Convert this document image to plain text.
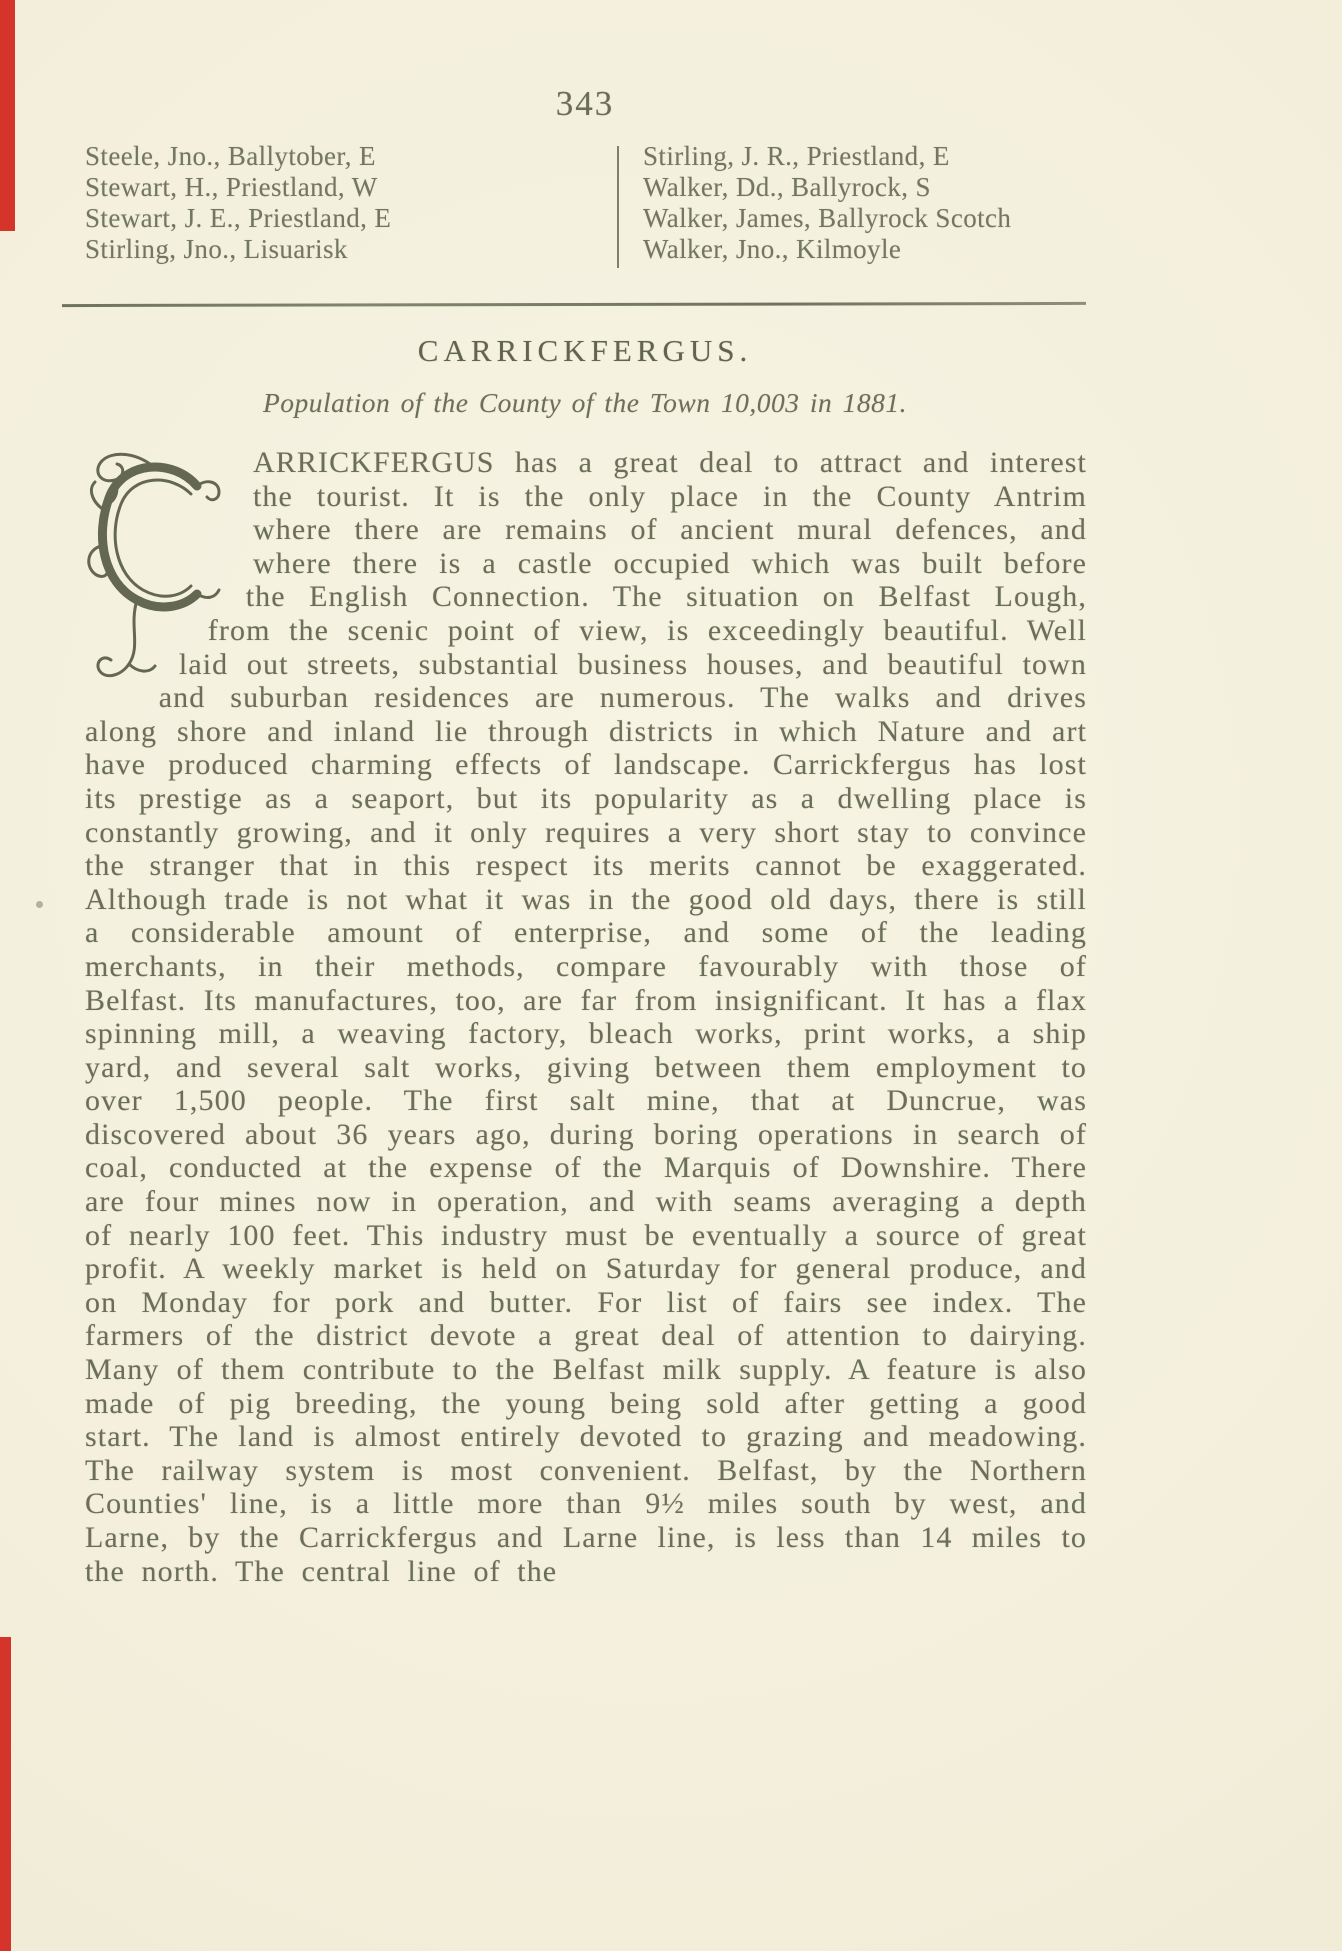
343
Steele, Jno., Ballytober, E
Stewart, H., Priestland, W
Stewart, J. E., Priestland, E
Stirling, Jno., Lisuarisk
Stirling, J. R., Priestland, E
Walker, Dd., Ballyrock, S
Walker, James, Ballyrock Scotch
Walker, Jno., Kilmoyle
CARRICKFERGUS.
Population of the County of the Town 10,003 in 1881.
ARRICKFERGUS has a great deal to attract and interest the tourist. It is the only place in the County Antrim where there are remains of ancient mural defences, and where there is a castle occupied which was built before the English Connection. The situation on Belfast Lough, from the scenic point of view, is exceedingly beautiful. Well laid out streets, substantial business houses, and beautiful town and suburban residences are numerous. The walks and drives along shore and inland lie through districts in which Nature and art have produced charming effects of landscape. Carrickfergus has lost its prestige as a seaport, but its popularity as a dwelling place is constantly growing, and it only requires a very short stay to convince the stranger that in this respect its merits cannot be exaggerated. Although trade is not what it was in the good old days, there is still a considerable amount of enterprise, and some of the leading merchants, in their methods, compare favourably with those of Belfast. Its manufactures, too, are far from insignificant. It has a flax spinning mill, a weaving factory, bleach works, print works, a ship yard, and several salt works, giving between them employment to over 1,500 people. The first salt mine, that at Duncrue, was discovered about 36 years ago, during boring operations in search of coal, conducted at the expense of the Marquis of Downshire. There are four mines now in operation, and with seams averaging a depth of nearly 100 feet. This industry must be eventually a source of great profit. A weekly market is held on Saturday for general produce, and on Monday for pork and butter. For list of fairs see index. The farmers of the district devote a great deal of attention to dairying. Many of them contribute to the Belfast milk supply. A feature is also made of pig breeding, the young being sold after getting a good start. The land is almost entirely devoted to grazing and meadowing. The railway system is most convenient. Belfast, by the Northern Counties' line, is a little more than 9½ miles south by west, and Larne, by the Carrickfergus and Larne line, is less than 14 miles to the north. The central line of the
